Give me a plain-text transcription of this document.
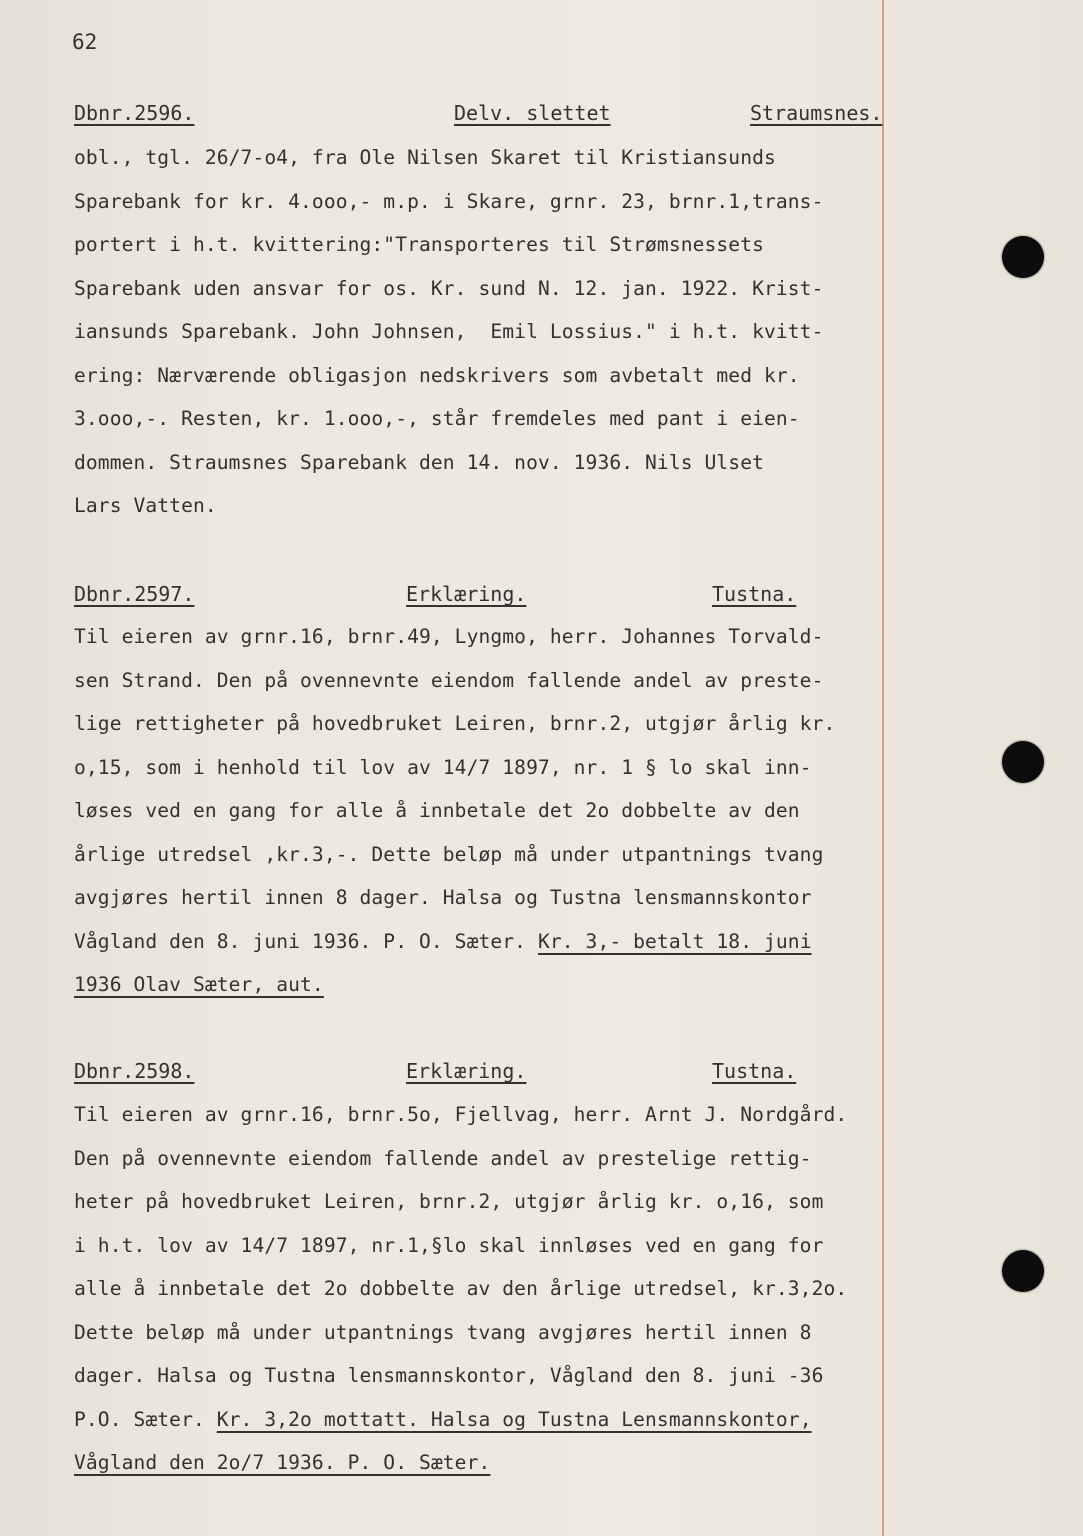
62
Dbnr.2596.	Delv. slettet	Straumsnes.
obl., tgl. 26/7-o4, fra Ole Nilsen Skaret til Kristiansunds
Sparebank for kr. 4.ooo,- m.p. i Skare, grnr. 23, brnr.1,trans-
portert i h.t. kvittering:"Transporteres til Strømsnessets
Sparebank uden ansvar for os. Kr. sund N. 12. jan. 1922. Krist-
iansunds Sparebank. John Johnsen,  Emil Lossius." i h.t. kvitt-
ering: Nærværende obligasjon nedskrivers som avbetalt med kr.
3.ooo,-. Resten, kr. 1.ooo,-, står fremdeles med pant i eien-
dommen. Straumsnes Sparebank den 14. nov. 1936. Nils Ulset
Lars Vatten.
Dbnr.2597.	Erklæring.	Tustna.
Til eieren av grnr.16, brnr.49, Lyngmo, herr. Johannes Torvald-
sen Strand. Den på ovennevnte eiendom fallende andel av preste-
lige rettigheter på hovedbruket Leiren, brnr.2, utgjør årlig kr.
o,15, som i henhold til lov av 14/7 1897, nr. 1 § lo skal inn-
løses ved en gang for alle å innbetale det 2o dobbelte av den
årlige utredsel ,kr.3,-. Dette beløp må under utpantnings tvang
avgjøres hertil innen 8 dager. Halsa og Tustna lensmannskontor
Vågland den 8. juni 1936. P. O. Sæter. Kr. 3,- betalt 18. juni
1936 Olav Sæter, aut.
Dbnr.2598.	Erklæring.	Tustna.
Til eieren av grnr.16, brnr.5o, Fjellvag, herr. Arnt J. Nordgård.
Den på ovennevnte eiendom fallende andel av prestelige rettig-
heter på hovedbruket Leiren, brnr.2, utgjør årlig kr. o,16, som
i h.t. lov av 14/7 1897, nr.1,§lo skal innløses ved en gang for
alle å innbetale det 2o dobbelte av den årlige utredsel, kr.3,2o.
Dette beløp må under utpantnings tvang avgjøres hertil innen 8
dager. Halsa og Tustna lensmannskontor, Vågland den 8. juni -36
P.O. Sæter. Kr. 3,2o mottatt. Halsa og Tustna Lensmannskontor,
Vågland den 2o/7 1936. P. O. Sæter.
